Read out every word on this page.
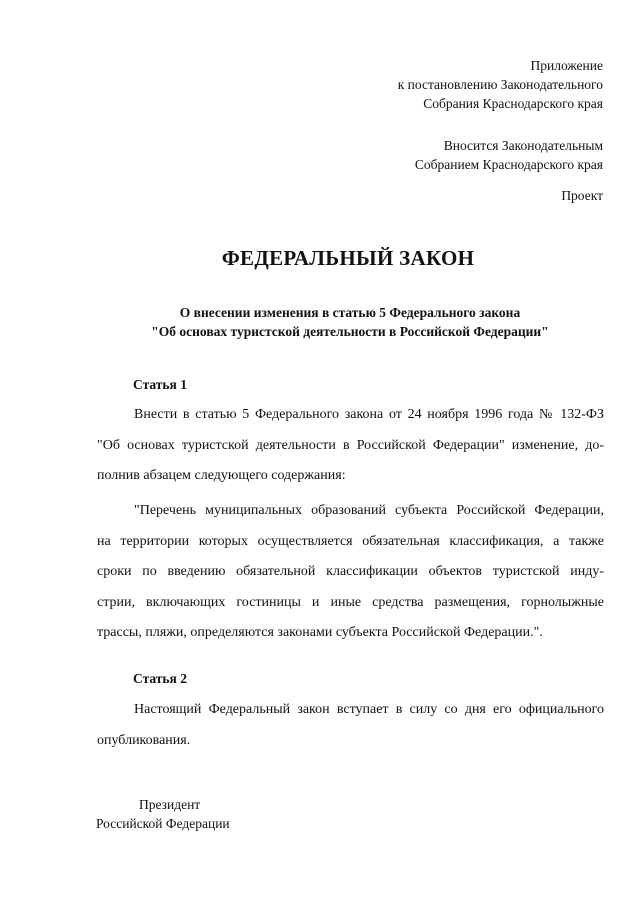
Приложение
к постановлению Законодательного
Собрания Краснодарского края
Вносится Законодательным
Собранием Краснодарского края
Проект
ФЕДЕРАЛЬНЫЙ ЗАКОН
О внесении изменения в статью 5 Федерального закона
"Об основах туристской деятельности в Российской Федерации"
Статья 1
Внести в статью 5 Федерального закона от 24 ноября 1996 года № 132-ФЗ
"Об основах туристской деятельности в Российской Федерации" изменение, до-
полнив абзацем следующего содержания:
"Перечень муниципальных образований субъекта Российской Федерации,
на территории которых осуществляется обязательная классификация, а также
сроки по введению обязательной классификации объектов туристской инду-
стрии, включающих гостиницы и иные средства размещения, горнолыжные
трассы, пляжи, определяются законами субъекта Российской Федерации.".
Статья 2
Настоящий Федеральный закон вступает в силу со дня его официального
опубликования.
Президент
Российской Федерации
